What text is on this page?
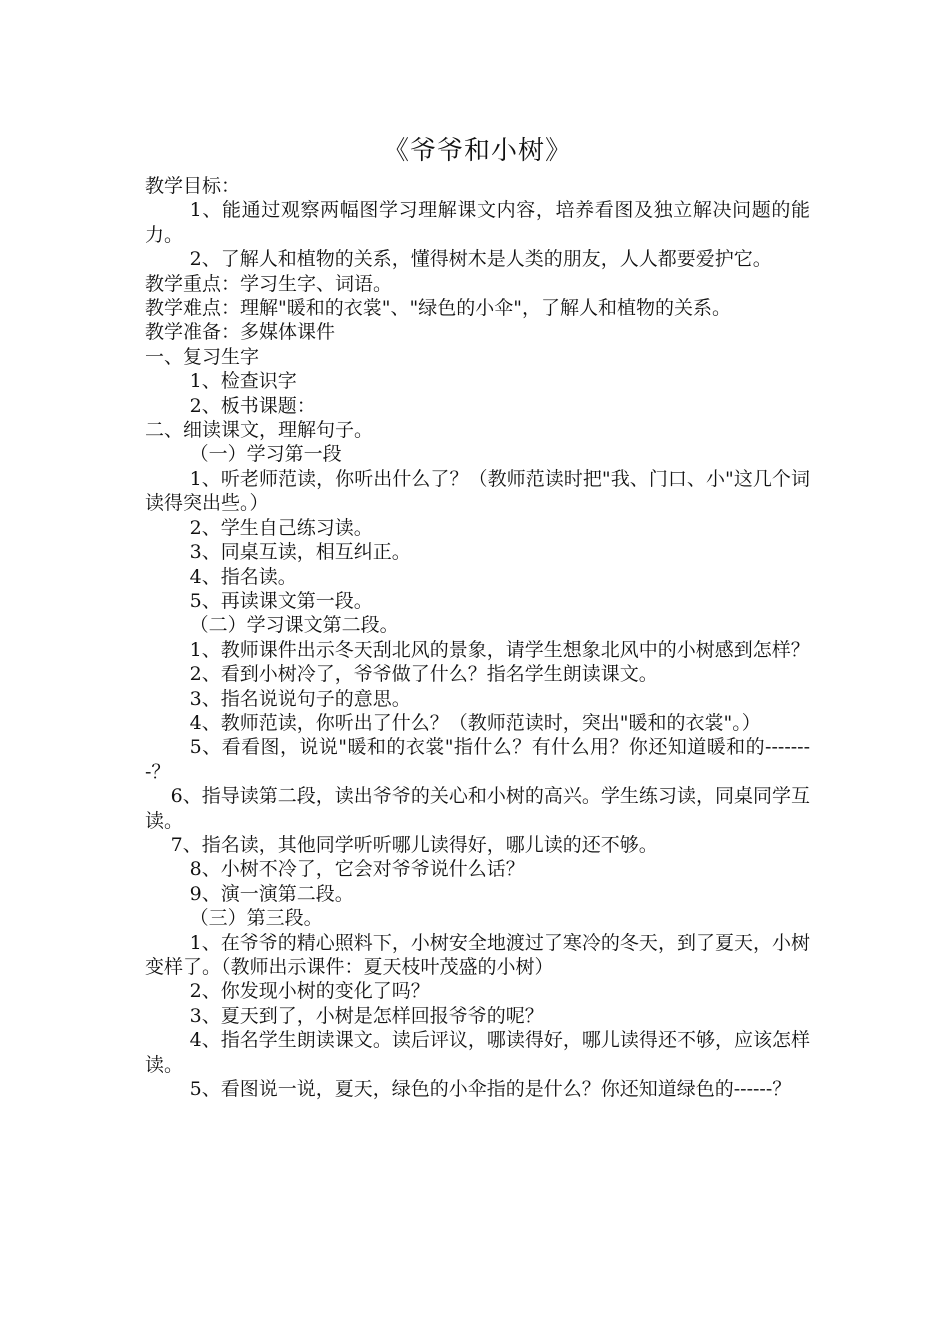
《爷爷和小树》

教学目标：

1、能通过观察两幅图学习理解课文内容，培养看图及独立解决问题的能力。

2、了解人和植物的关系，懂得树木是人类的朋友，人人都要爱护它。

教学重点：学习生字、词语。

教学难点：理解"暖和的衣裳"、"绿色的小伞"，了解人和植物的关系。

教学准备：多媒体课件

一、复习生字

1、检查识字

2、板书课题：

二、细读课文，理解句子。

（一）学习第一段

1、听老师范读，你听出什么了？（教师范读时把"我、门口、小"这几个词读得突出些。）

2、学生自己练习读。

3、同桌互读，相互纠正。

4、指名读。

5、再读课文第一段。

（二）学习课文第二段。

1、教师课件出示冬天刮北风的景象，请学生想象北风中的小树感到怎样？

2、看到小树冷了，爷爷做了什么？指名学生朗读课文。

3、指名说说句子的意思。

4、教师范读，你听出了什么？（教师范读时，突出"暖和的衣裳"。）

5、看看图，说说"暖和的衣裳"指什么？有什么用？你还知道暖和的--------？

6、指导读第二段，读出爷爷的关心和小树的高兴。学生练习读，同桌同学互读。

7、指名读，其他同学听听哪儿读得好，哪儿读的还不够。

8、小树不冷了，它会对爷爷说什么话？

9、演一演第二段。

（三）第三段。

1、在爷爷的精心照料下，小树安全地渡过了寒冷的冬天，到了夏天，小树变样了。（教师出示课件：夏天枝叶茂盛的小树）

2、你发现小树的变化了吗？

3、夏天到了，小树是怎样回报爷爷的呢？

4、指名学生朗读课文。读后评议，哪读得好，哪儿读得还不够，应该怎样读。

5、看图说一说，夏天，绿色的小伞指的是什么？你还知道绿色的------？
